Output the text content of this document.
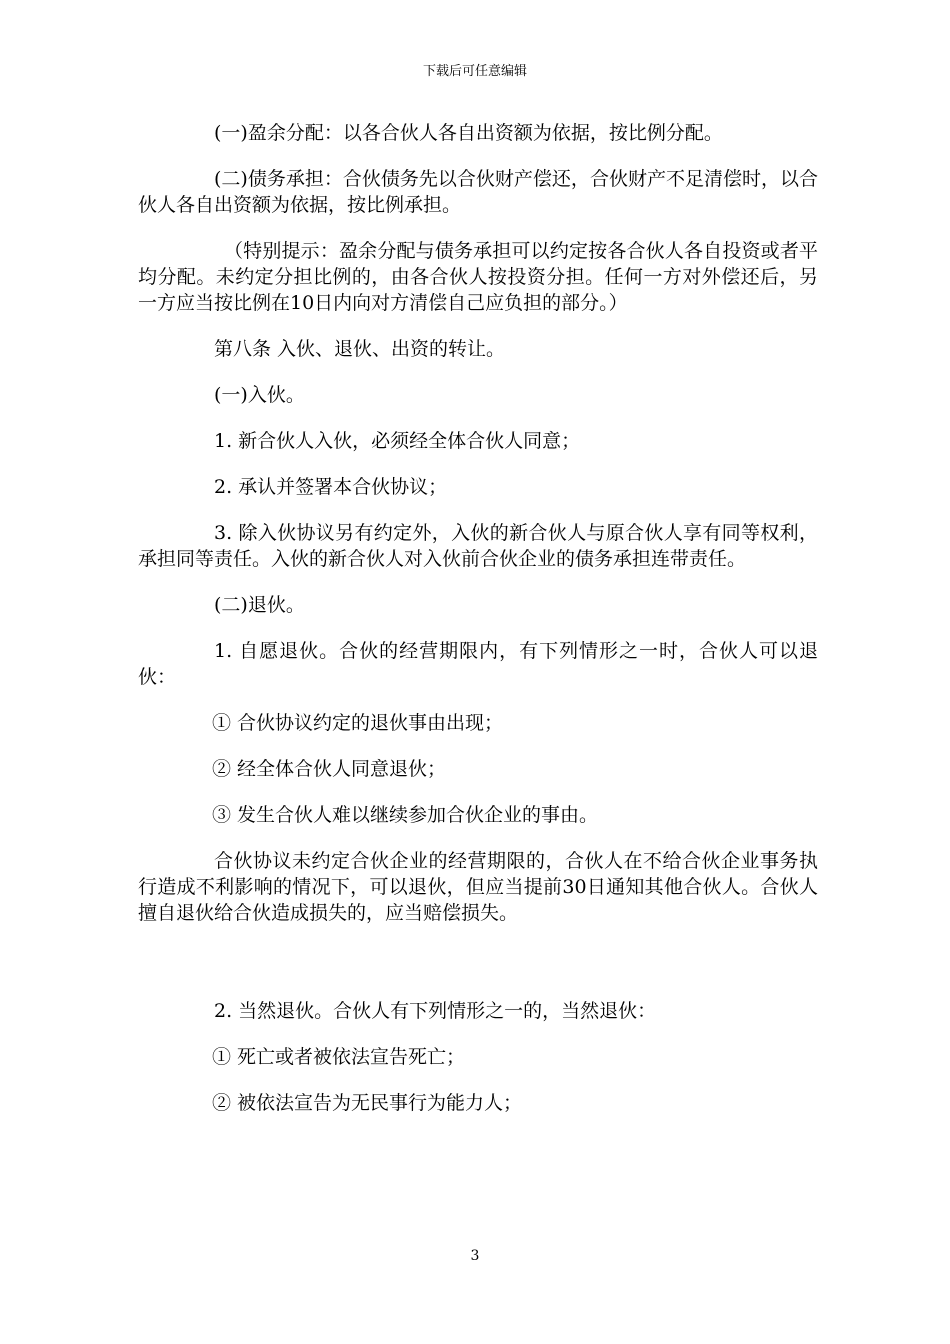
下载后可任意编辑

(一)盈余分配：以各合伙人各自出资额为依据，按比例分配。

(二)债务承担：合伙债务先以合伙财产偿还，合伙财产不足清偿时，以合伙人各自出资额为依据，按比例承担。

（特别提示：盈余分配与债务承担可以约定按各合伙人各自投资或者平均分配。未约定分担比例的，由各合伙人按投资分担。任何一方对外偿还后，另一方应当按比例在10日内向对方清偿自己应负担的部分。）

第八条 入伙、退伙、出资的转让。

(一)入伙。

1. 新合伙人入伙，必须经全体合伙人同意；

2. 承认并签署本合伙协议；

3. 除入伙协议另有约定外，入伙的新合伙人与原合伙人享有同等权利，承担同等责任。入伙的新合伙人对入伙前合伙企业的债务承担连带责任。

(二)退伙。

1. 自愿退伙。合伙的经营期限内，有下列情形之一时，合伙人可以退伙：

① 合伙协议约定的退伙事由出现；

② 经全体合伙人同意退伙；

③ 发生合伙人难以继续参加合伙企业的事由。

合伙协议未约定合伙企业的经营期限的，合伙人在不给合伙企业事务执行造成不利影响的情况下，可以退伙，但应当提前30日通知其他合伙人。合伙人擅自退伙给合伙造成损失的，应当赔偿损失。

2. 当然退伙。合伙人有下列情形之一的，当然退伙：

① 死亡或者被依法宣告死亡；

② 被依法宣告为无民事行为能力人；

3
